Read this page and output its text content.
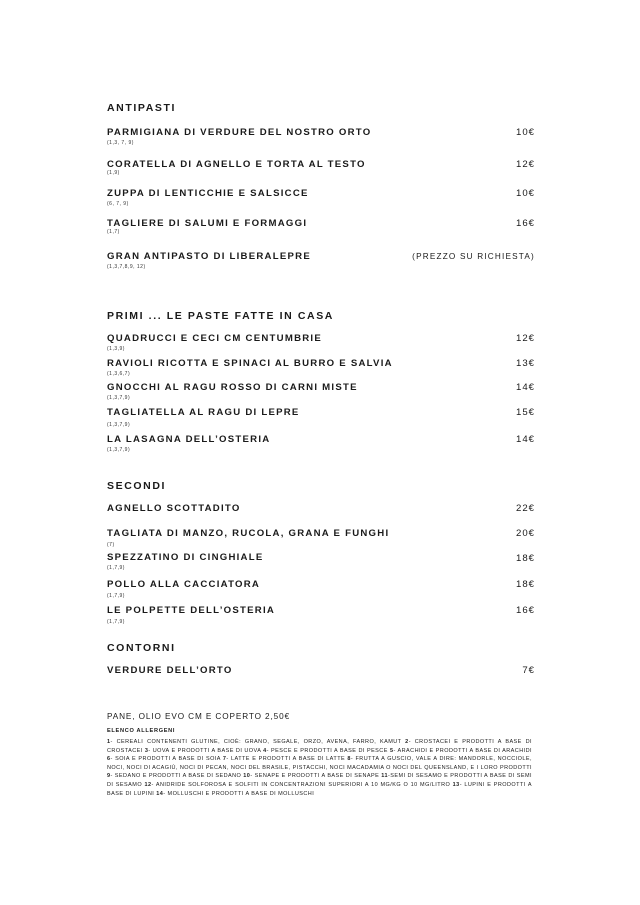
ANTIPASTI
PARMIGIANA DI VERDURE DEL NOSTRO ORTO
(1,3, 7, 9)
10€
CORATELLA DI AGNELLO E TORTA AL TESTO
(1,9)
12€
ZUPPA DI LENTICCHIE E SALSICCE
(6, 7, 9)
10€
TAGLIERE DI SALUMI E FORMAGGI
(1,7)
16€
GRAN ANTIPASTO DI LIBERALEPRE
(1,3,7,8,9, 12)
(PREZZO SU RICHIESTA)
PRIMI ... LE PASTE FATTE IN CASA
QUADRUCCI E CECI CM CENTUMBRIE
(1,3,9)
12€
RAVIOLI RICOTTA E SPINACI AL BURRO E SALVIA
(1,3,6,7)
13€
GNOCCHI AL RAGU ROSSO DI CARNI MISTE
(1,3,7,9)
14€
TAGLIATELLA AL RAGU DI LEPRE
(1,3,7,9)
15€
LA LASAGNA DELL’OSTERIA
(1,3,7,9)
14€
SECONDI
AGNELLO SCOTTADITO	22€
TAGLIATA DI MANZO, RUCOLA, GRANA E FUNGHI
(7)
20€
SPEZZATINO DI CINGHIALE
(1,7,9)
18€
POLLO ALLA CACCIATORA
(1,7,9)
18€
LE POLPETTE DELL’OSTERIA
(1,7,9)
16€
CONTORNI
VERDURE DELL’ORTO	7€
PANE, OLIO EVO CM E COPERTO 2,50€
ELENCO ALLERGENI
1- CEREALI CONTENENTI GLUTINE, CIOÈ: GRANO, SEGALE, ORZO, AVENA, FARRO, KAMUT 2- CROSTACEI E PRODOTTI A BASE DI CROSTACEI 3- UOVA E PRODOTTI A BASE DI UOVA 4- PESCE E PRODOTTI A BASE DI PESCE 5- ARACHIDI E PRODOTTI A BASE DI ARACHIDI 6- SOIA E PRODOTTI A BASE DI SOIA 7- LATTE E PRODOTTI A BASE DI LATTE 8- FRUTTA A GUSCIO, VALE A DIRE: MANDORLE, NOCCIOLE, NOCI, NOCI DI ACAGIÙ, NOCI DI PECAN, NOCI DEL BRASILE, PISTACCHI, NOCI MACADAMIA O NOCI DEL QUEENSLAND, E I LORO PRODOTTI 9- SEDANO E PRODOTTI A BASE DI SEDANO 10- SENAPE E PRODOTTI A BASE DI SENAPE 11-SEMI DI SESAMO E PRODOTTI A BASE DI SEMI DI SESAMO 12- ANIDRIDE SOLFOROSA E SOLFITI IN CONCENTRAZIONI SUPERIORI A 10 MG/KG O 10 MG/LITRO 13- LUPINI E PRODOTTI A BASE DI LUPINI 14- MOLLUSCHI E PRODOTTI A BASE DI MOLLUSCHI
